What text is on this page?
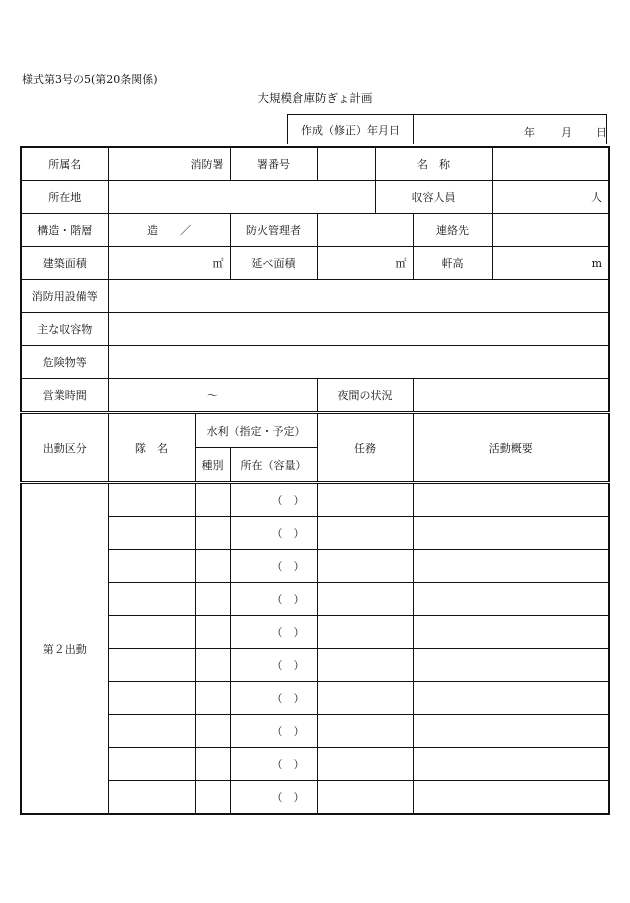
様式第3号の5(第20条関係)
大規模倉庫防ぎょ計画
作成（修正）年月日	年 月 日
所属名	消防署		署番号		名　称		
所在地					収容人員		人
構造・階層	造　　／		防火管理者			連絡先	
建築面積	㎡		延べ面積	㎡		軒高	m
消防用設備等							
主な収容物							
危険物等							
営業時間	～			夜間の状況			
出動区分	隊　名	水利（指定・予定）		任務		活動概要	
		種別	所在（容量）				
第２出動			（　）				
			（　）				
			（　）				
			（　）				
			（　）				
			（　）				
			（　）				
			（　）				
			（　）				
			（　）				
